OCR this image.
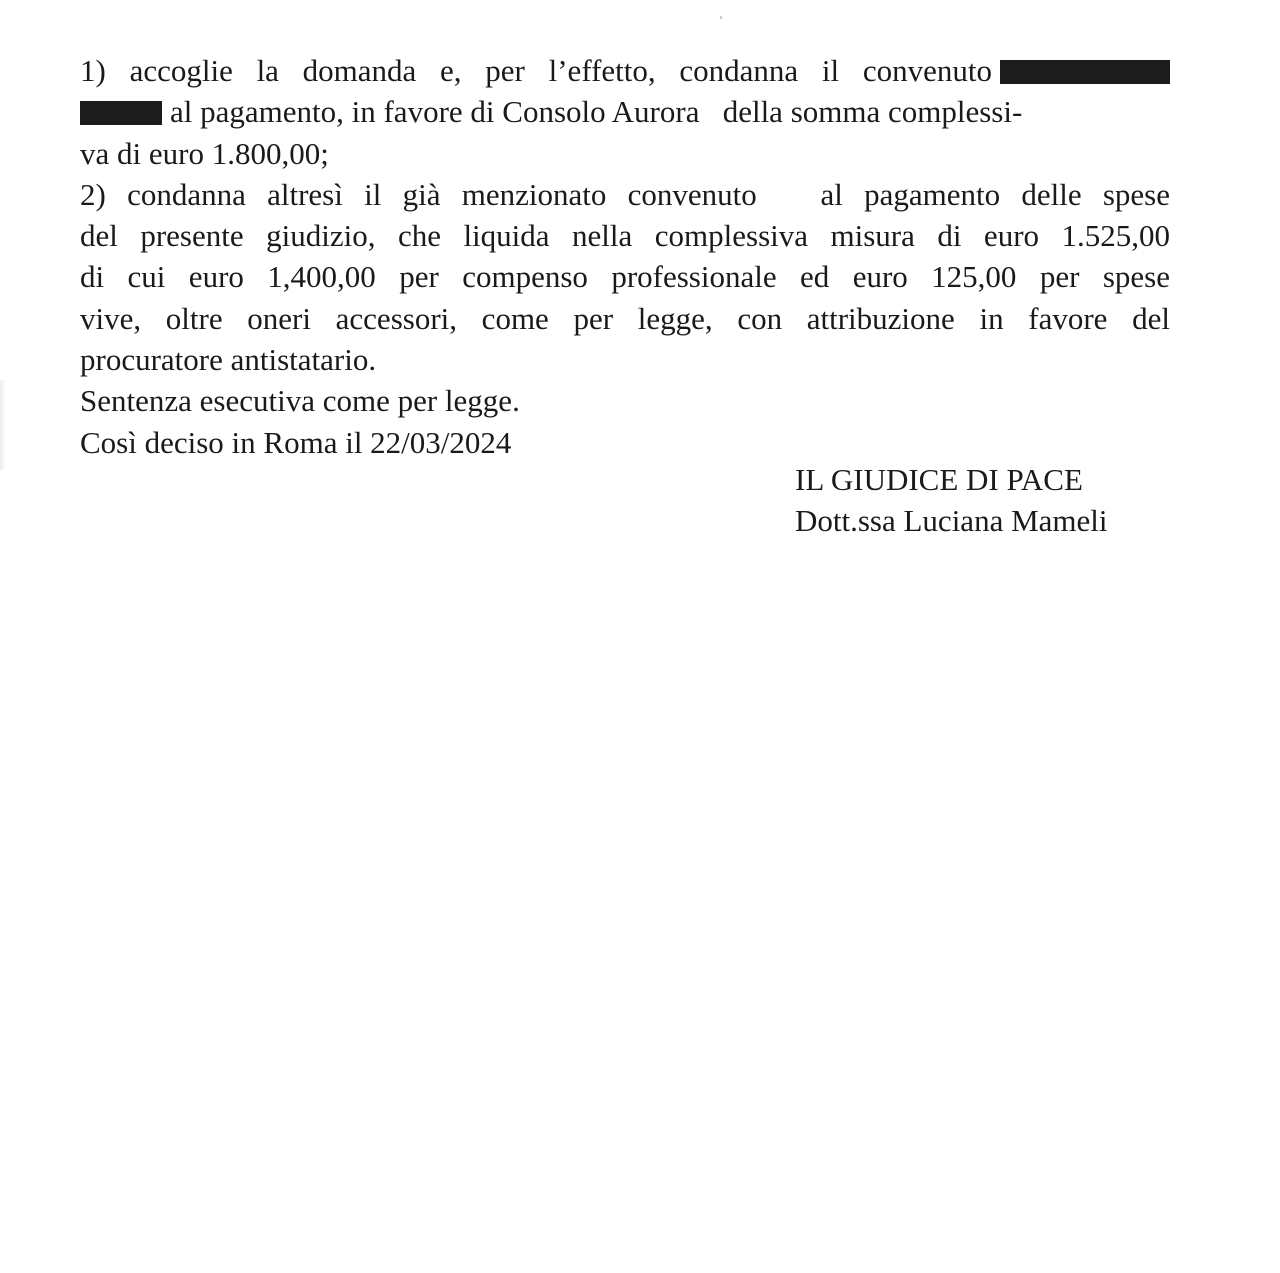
1) accoglie la domanda e, per l’effetto, condanna il convenuto
al pagamento, in favore di Consolo Aurora   della somma complessi-
va di euro 1.800,00;
2) condanna altresì il già menzionato convenuto   al pagamento delle spese
del presente giudizio, che liquida nella complessiva misura di euro 1.525,00
di cui euro 1,400,00 per compenso professionale ed euro 125,00 per spese
vive, oltre oneri accessori, come per legge, con attribuzione in favore del
procuratore antistatario.
Sentenza esecutiva come per legge.
Così deciso in Roma il 22/03/2024
IL GIUDICE DI PACE
Dott.ssa Luciana Mameli
